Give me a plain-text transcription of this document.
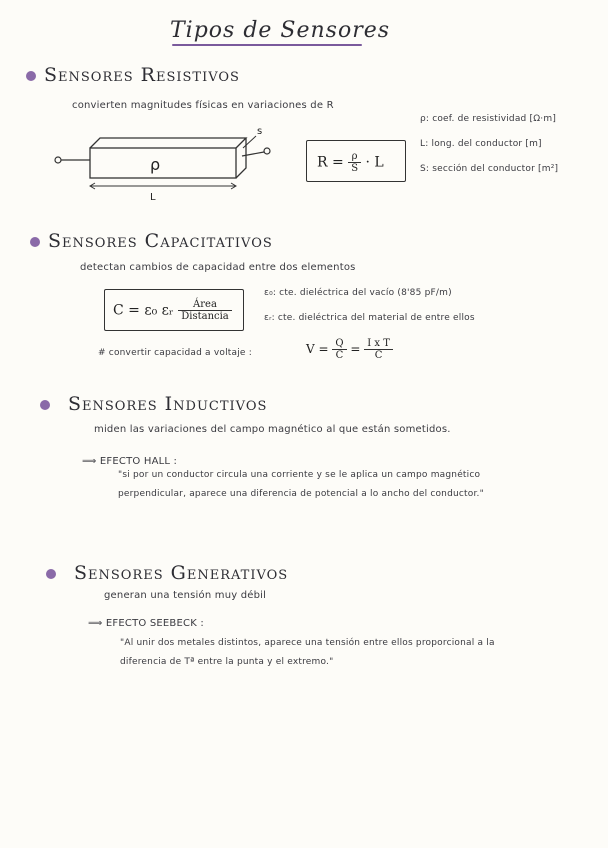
Tipos de Sensores
Sensores Resistivos
convierten magnitudes físicas en variaciones de R
ρ
s
L
$R = \frac{\rho}{S} \cdot L$
ρ: coef. de resistividad [Ω·m]
L: long. del conductor [m]
S: sección del conductor [m²]
Sensores Capacitativos
detectan cambios de capacidad entre dos elementos
C = ε₀ εᵣ $\frac{\text{Área}}{\text{Distancia}}$
ε₀: cte. dieléctrica del vacío (8'85 pF/m)
εᵣ: cte. dieléctrica del material de entre ellos
# convertir capacidad a voltaje :	$V = \frac{Q}{C} = \frac{\text{I x T}}{C}$
Sensores Inductivos
miden las variaciones del campo magnético al que están sometidos.
⟹ EFECTO HALL :
"si por un conductor circula una corriente y se le aplica un campo magnético perpendicular, aparece una diferencia de potencial a lo ancho del conductor."
Sensores Generativos
generan una tensión muy débil
⟹ EFECTO SEEBECK :
"Al unir dos metales distintos, aparece una tensión entre ellos proporcional a la diferencia de Tª entre la punta y el extremo."
